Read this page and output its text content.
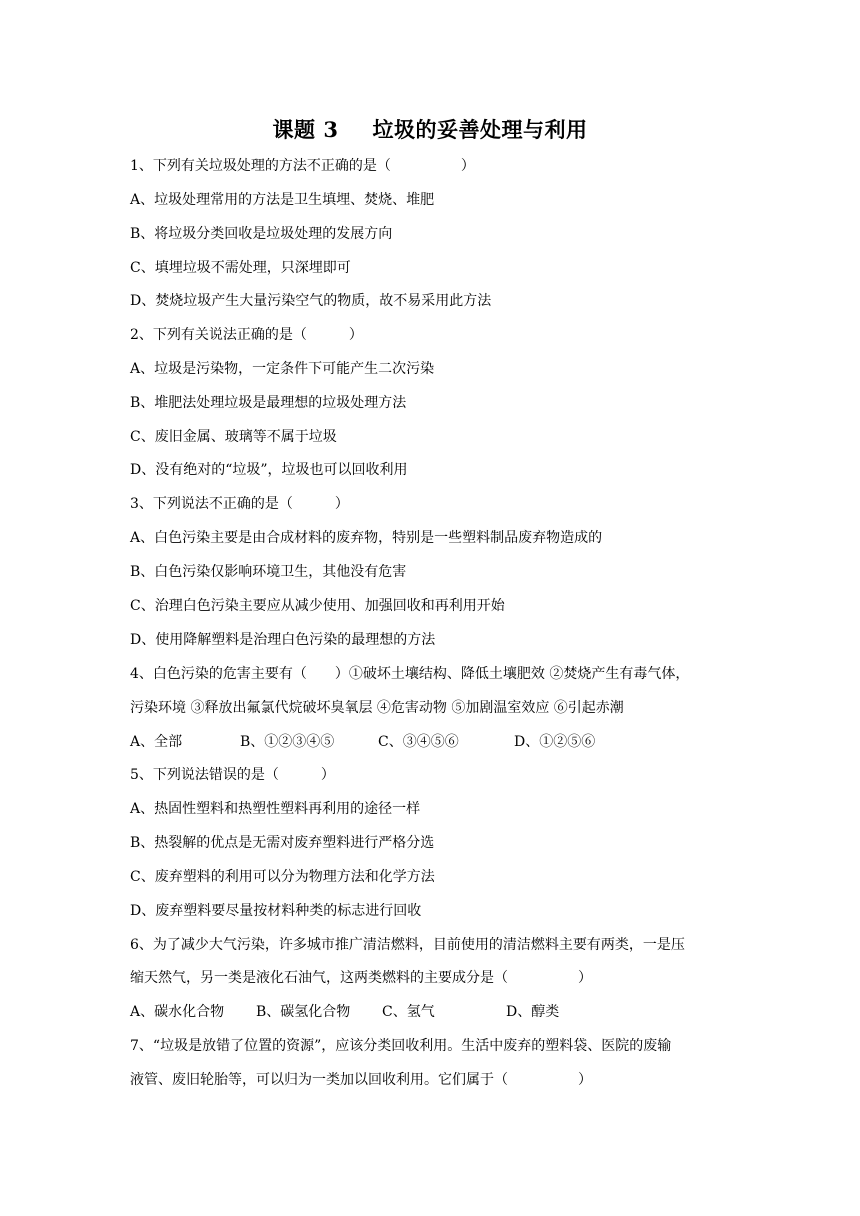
课题 3 垃圾的妥善处理与利用
1、下列有关垃圾处理的方法不正确的是（　　　　　）
A、垃圾处理常用的方法是卫生填埋、焚烧、堆肥
B、将垃圾分类回收是垃圾处理的发展方向
C、填埋垃圾不需处理，只深埋即可
D、焚烧垃圾产生大量污染空气的物质，故不易采用此方法
2、下列有关说法正确的是（　　　）
A、垃圾是污染物，一定条件下可能产生二次污染
B、堆肥法处理垃圾是最理想的垃圾处理方法
C、废旧金属、玻璃等不属于垃圾
D、没有绝对的“垃圾”，垃圾也可以回收利用
3、下列说法不正确的是（　　　）
A、白色污染主要是由合成材料的废弃物，特别是一些塑料制品废弃物造成的
B、白色污染仅影响环境卫生，其他没有危害
C、治理白色污染主要应从减少使用、加强回收和再利用开始
D、使用降解塑料是治理白色污染的最理想的方法
4、白色污染的危害主要有（　　）①破坏土壤结构、降低土壤肥效 ②焚烧产生有毒气体，
污染环境 ③释放出氟氯代烷破坏臭氧层 ④危害动物 ⑤加剧温室效应 ⑥引起赤潮
A、全部	B、①②③④⑤	C、③④⑤⑥	D、①②⑤⑥
5、下列说法错误的是（　　　）
A、热固性塑料和热塑性塑料再利用的途径一样
B、热裂解的优点是无需对废弃塑料进行严格分选
C、废弃塑料的利用可以分为物理方法和化学方法
D、废弃塑料要尽量按材料种类的标志进行回收
6、为了减少大气污染，许多城市推广清洁燃料，目前使用的清洁燃料主要有两类，一是压
缩天然气，另一类是液化石油气，这两类燃料的主要成分是（　　　　　）
A、碳水化合物 B、碳氢化合物 C、氢气	D、醇类
7、“垃圾是放错了位置的资源”，应该分类回收利用。生活中废弃的塑料袋、医院的废输
液管、废旧轮胎等，可以归为一类加以回收利用。它们属于（　　　　　）
